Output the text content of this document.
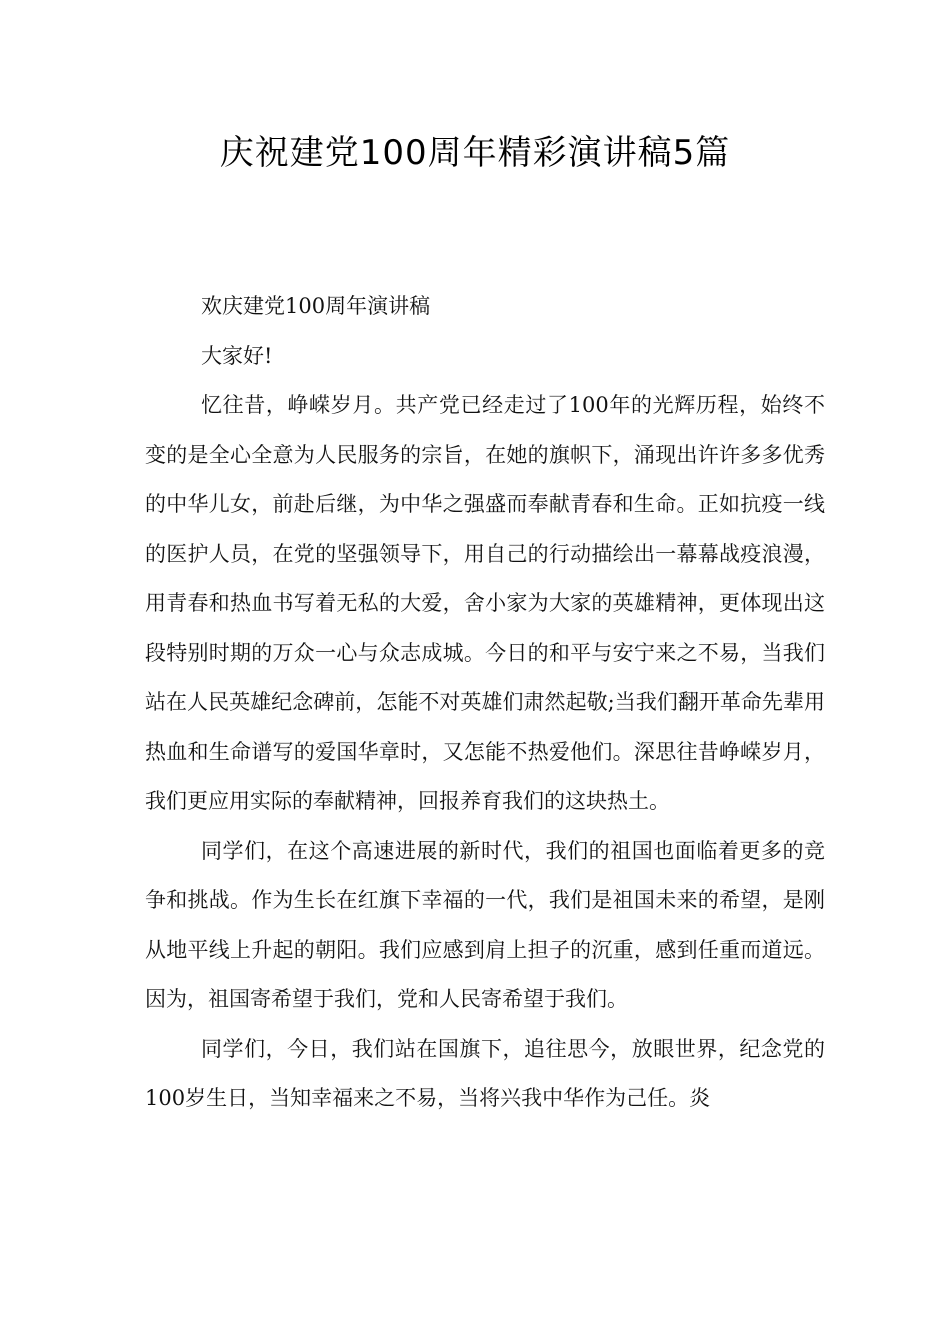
庆祝建党100周年精彩演讲稿5篇

欢庆建党100周年演讲稿

大家好!

忆往昔，峥嵘岁月。共产党已经走过了100年的光辉历程，始终不变的是全心全意为人民服务的宗旨，在她的旗帜下，涌现出许许多多优秀的中华儿女，前赴后继，为中华之强盛而奉献青春和生命。正如抗疫一线的医护人员，在党的坚强领导下，用自己的行动描绘出一幕幕战疫浪漫，用青春和热血书写着无私的大爱，舍小家为大家的英雄精神，更体现出这段特别时期的万众一心与众志成城。今日的和平与安宁来之不易，当我们站在人民英雄纪念碑前，怎能不对英雄们肃然起敬;当我们翻开革命先辈用热血和生命谱写的爱国华章时，又怎能不热爱他们。深思往昔峥嵘岁月，我们更应用实际的奉献精神，回报养育我们的这块热土。

同学们，在这个高速进展的新时代，我们的祖国也面临着更多的竞争和挑战。作为生长在红旗下幸福的一代，我们是祖国未来的希望，是刚从地平线上升起的朝阳。我们应感到肩上担子的沉重，感到任重而道远。因为，祖国寄希望于我们，党和人民寄希望于我们。

同学们，今日，我们站在国旗下，追往思今，放眼世界，纪念党的100岁生日，当知幸福来之不易，当将兴我中华作为己任。炎
